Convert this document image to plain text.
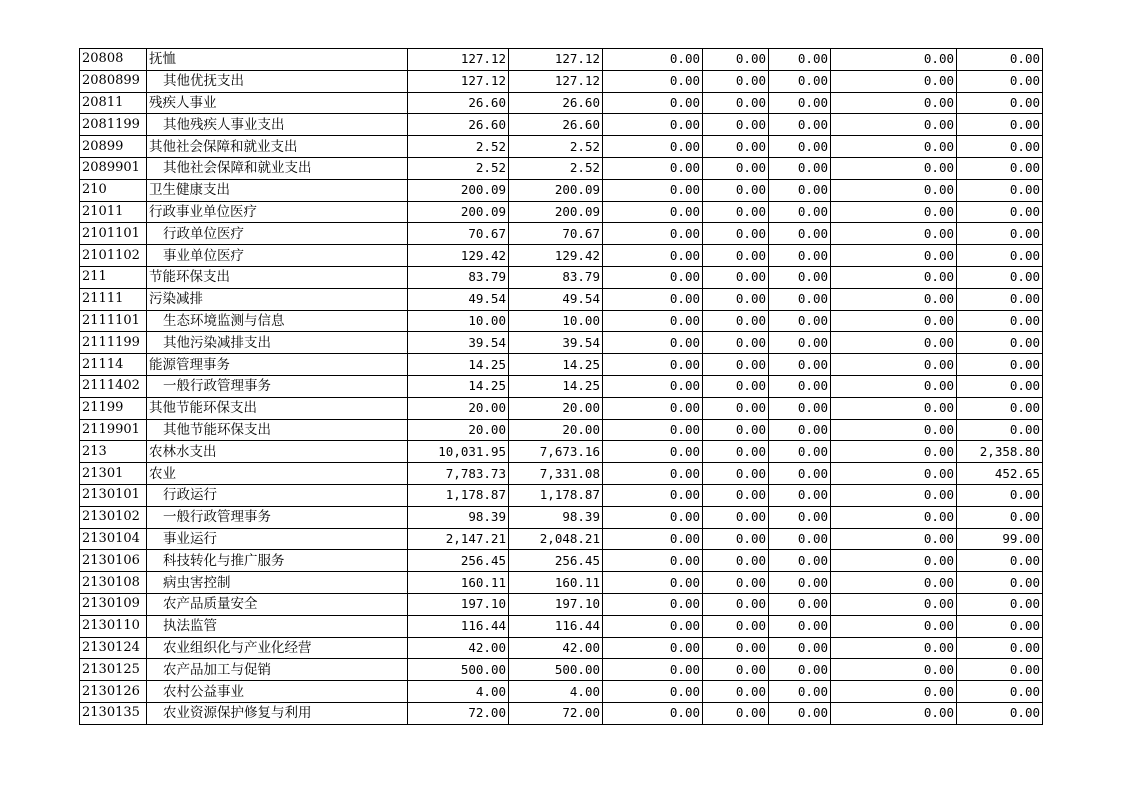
20808	抚恤	127.12	127.12	0.00	0.00	0.00	0.00	0.00
2080899	其他优抚支出	127.12	127.12	0.00	0.00	0.00	0.00	0.00
20811	残疾人事业	26.60	26.60	0.00	0.00	0.00	0.00	0.00
2081199	其他残疾人事业支出	26.60	26.60	0.00	0.00	0.00	0.00	0.00
20899	其他社会保障和就业支出	2.52	2.52	0.00	0.00	0.00	0.00	0.00
2089901	其他社会保障和就业支出	2.52	2.52	0.00	0.00	0.00	0.00	0.00
210	卫生健康支出	200.09	200.09	0.00	0.00	0.00	0.00	0.00
21011	行政事业单位医疗	200.09	200.09	0.00	0.00	0.00	0.00	0.00
2101101	行政单位医疗	70.67	70.67	0.00	0.00	0.00	0.00	0.00
2101102	事业单位医疗	129.42	129.42	0.00	0.00	0.00	0.00	0.00
211	节能环保支出	83.79	83.79	0.00	0.00	0.00	0.00	0.00
21111	污染减排	49.54	49.54	0.00	0.00	0.00	0.00	0.00
2111101	生态环境监测与信息	10.00	10.00	0.00	0.00	0.00	0.00	0.00
2111199	其他污染减排支出	39.54	39.54	0.00	0.00	0.00	0.00	0.00
21114	能源管理事务	14.25	14.25	0.00	0.00	0.00	0.00	0.00
2111402	一般行政管理事务	14.25	14.25	0.00	0.00	0.00	0.00	0.00
21199	其他节能环保支出	20.00	20.00	0.00	0.00	0.00	0.00	0.00
2119901	其他节能环保支出	20.00	20.00	0.00	0.00	0.00	0.00	0.00
213	农林水支出	10,031.95	7,673.16	0.00	0.00	0.00	0.00	2,358.80
21301	农业	7,783.73	7,331.08	0.00	0.00	0.00	0.00	452.65
2130101	行政运行	1,178.87	1,178.87	0.00	0.00	0.00	0.00	0.00
2130102	一般行政管理事务	98.39	98.39	0.00	0.00	0.00	0.00	0.00
2130104	事业运行	2,147.21	2,048.21	0.00	0.00	0.00	0.00	99.00
2130106	科技转化与推广服务	256.45	256.45	0.00	0.00	0.00	0.00	0.00
2130108	病虫害控制	160.11	160.11	0.00	0.00	0.00	0.00	0.00
2130109	农产品质量安全	197.10	197.10	0.00	0.00	0.00	0.00	0.00
2130110	执法监管	116.44	116.44	0.00	0.00	0.00	0.00	0.00
2130124	农业组织化与产业化经营	42.00	42.00	0.00	0.00	0.00	0.00	0.00
2130125	农产品加工与促销	500.00	500.00	0.00	0.00	0.00	0.00	0.00
2130126	农村公益事业	4.00	4.00	0.00	0.00	0.00	0.00	0.00
2130135	农业资源保护修复与利用	72.00	72.00	0.00	0.00	0.00	0.00	0.00
